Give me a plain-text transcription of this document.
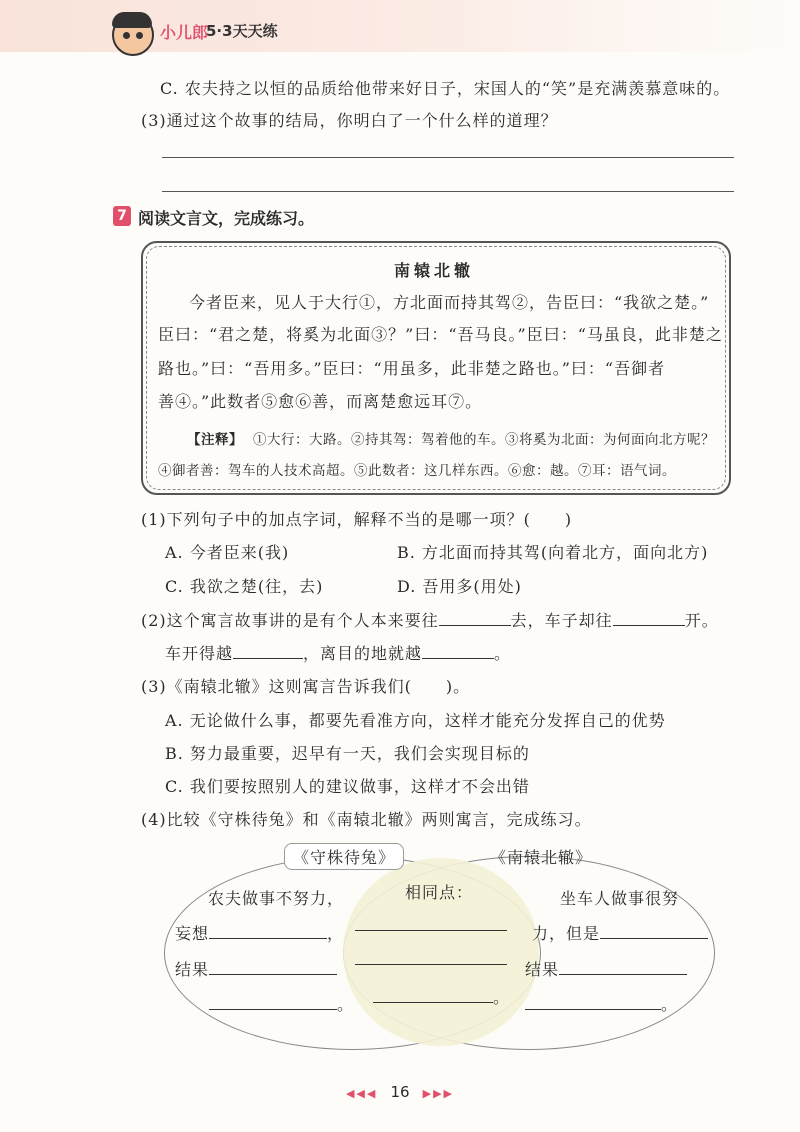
小儿郎
5·3天天练
C. 农夫持之以恒的品质给他带来好日子，宋国人的“笑”是充满羡慕意味的。
(3)通过这个故事的结局，你明白了一个什么样的道理？
7 阅读文言文，完成练习。
南辕北辙
今者臣来，见人于大行①，方北面而持其驾②，告臣曰：“我欲之楚。”
臣曰：“君之楚，将奚为北面③？”曰：“吾马良。”臣曰：“马虽良，此非楚之
路也。”曰：“吾用多。”臣曰：“用虽多，此非楚之路也。”曰：“吾御者
善④。”此数者⑤愈⑥善，而离楚愈远耳⑦。
【注释】 ①大行：大路。②持其驾：驾着他的车。③将奚为北面：为何面向北方呢？
④御者善：驾车的人技术高超。⑤此数者：这几样东西。⑥愈：越。⑦耳：语气词。
(1)下列句子中的加点字词，解释不当的是哪一项？(　　)
A. 今者臣来(我)	B. 方北面而持其驾(向着北方，面向北方)
C. 我欲之楚(往，去)	D. 吾用多(用处)
(2)这个寓言故事讲的是有个人本来要往	去，车子却往	开。
车开得越	，离目的地就越	。
(3)《南辕北辙》这则寓言告诉我们(　　)。
A. 无论做什么事，都要先看准方向，这样才能充分发挥自己的优势
B. 努力最重要，迟早有一天，我们会实现目标的
C. 我们要按照别人的建议做事，这样才不会出错
(4)比较《守株待兔》和《南辕北辙》两则寓言，完成练习。
《守株待兔》	《南辕北辙》
农夫做事不努力，
妄想	，
结果
。
相同点：
。
坐车人做事很努
力，但是
结果
。
◀◀◀ 16 ▶▶▶
